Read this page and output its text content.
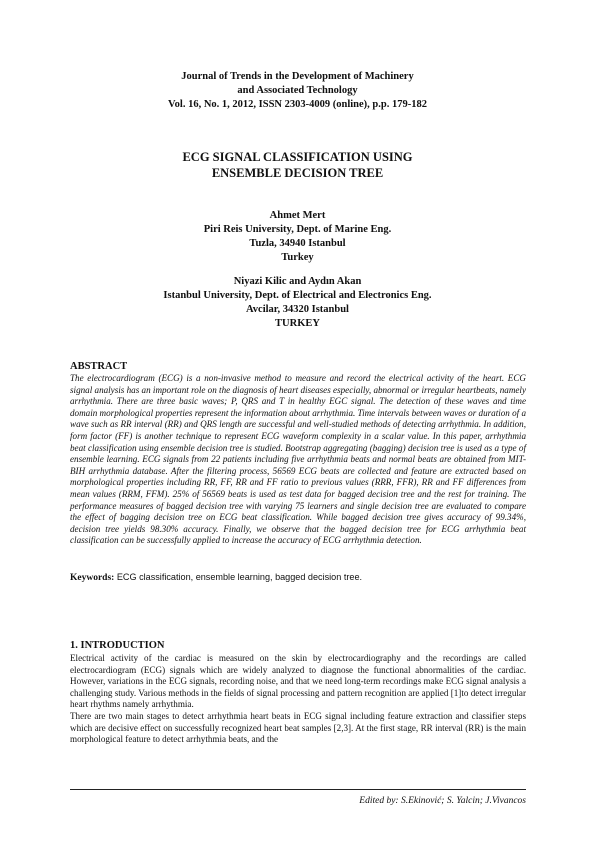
Journal of Trends in the Development of Machinery
and Associated Technology
Vol. 16, No. 1, 2012, ISSN 2303-4009 (online), p.p. 179-182
ECG SIGNAL CLASSIFICATION USING
ENSEMBLE DECISION TREE
Ahmet Mert
Piri Reis University, Dept. of Marine Eng.
Tuzla, 34940 Istanbul
Turkey
Niyazi Kilic and Aydın Akan
Istanbul University, Dept. of Electrical and Electronics Eng.
Avcilar, 34320 Istanbul
TURKEY
ABSTRACT
The electrocardiogram (ECG) is a non-invasive method to measure and record the electrical activity of the heart. ECG signal analysis has an important role on the diagnosis of heart diseases especially, abnormal or irregular heartbeats, namely arrhythmia. There are three basic waves; P, QRS and T in healthy EGC signal. The detection of these waves and time domain morphological properties represent the information about arrhythmia. Time intervals between waves or duration of a wave such as RR interval (RR) and QRS length are successful and well-studied methods of detecting arrhythmia. In addition, form factor (FF) is another technique to represent ECG waveform complexity in a scalar value. In this paper, arrhythmia beat classification using ensemble decision tree is studied. Bootstrap aggregating (bagging) decision tree is used as a type of ensemble learning. ECG signals from 22 patients including five arrhythmia beats and normal beats are obtained from MIT-BIH arrhythmia database. After the filtering process, 56569 ECG beats are collected and feature are extracted based on morphological properties including RR, FF, RR and FF ratio to previous values (RRR, FFR), RR and FF differences from mean values (RRM, FFM). 25% of 56569 beats is used as test data for bagged decision tree and the rest for training. The performance measures of bagged decision tree with varying 75 learners and single decision tree are evaluated to compare the effect of bagging decision tree on ECG beat classification. While bagged decision tree gives accuracy of 99.34%, decision tree yields 98.30% accuracy. Finally, we observe that the bagged decision tree for ECG arrhythmia beat classification can be successfully applied to increase the accuracy of ECG arrhythmia detection.
Keywords: ECG classification, ensemble learning, bagged decision tree.
1. INTRODUCTION

Electrical activity of the cardiac is measured on the skin by electrocardiography and the recordings are called electrocardiogram (ECG) signals which are widely analyzed to diagnose the functional abnormalities of the cardiac. However, variations in the ECG signals, recording noise, and that we need long-term recordings make ECG signal analysis a challenging study. Various methods in the fields of signal processing and pattern recognition are applied [1]to detect irregular heart rhythms namely arrhythmia.

There are two main stages to detect arrhythmia heart beats in ECG signal including feature extraction and classifier steps which are decisive effect on successfully recognized heart beat samples [2,3]. At the first stage, RR interval (RR) is the main morphological feature to detect arrhythmia beats, and the

Edited by: S.Ekinović; S. Yalcin; J.Vivancos
